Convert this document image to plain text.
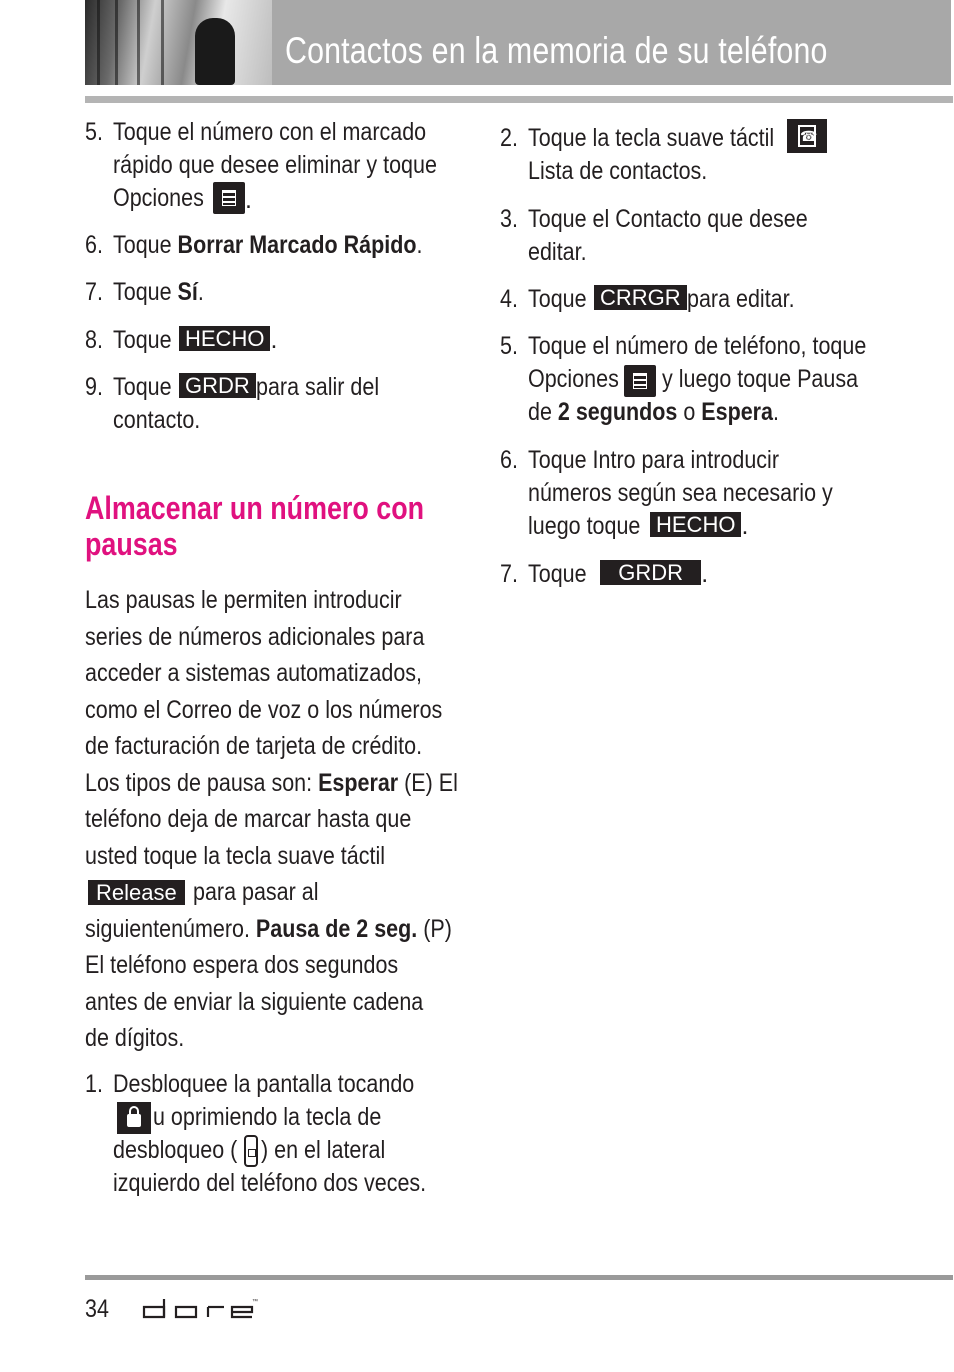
Contactos en la memoria de su teléfono
5. Toque el número con el marcado
rápido que desee eliminar y toque
Opciones	.
6. Toque Borrar Marcado Rápido.
7. Toque Sí.
8. Toque HECHO .
9. Toque GRDRpara salir del
contacto.
Almacenar un número con
pausas
Las pausas le permiten introducir
series de números adicionales para
acceder a sistemas automatizados,
como el Correo de voz o los números
de facturación de tarjeta de crédito.
Los tipos de pausa son: Esperar (E) El
teléfono deja de marcar hasta que
usted toque la tecla suave táctil
Release para pasar al
siguientenúmero. Pausa de 2 seg. (P)
El teléfono espera dos segundos
antes de enviar la siguiente cadena
de dígitos.
1. Desbloquee la pantalla tocando
u oprimiendo la tecla de
desbloqueo ( ) en el lateral
izquierdo del teléfono dos veces.
2. Toque la tecla suave táctil ☎
Lista de contactos.
3. Toque el Contacto que desee
editar.
4. Toque CRRGRpara editar.
5. Toque el número de teléfono, toque
Opciones y luego toque Pausa
de 2 segundos o Espera.
6. Toque Intro para introducir
números según sea necesario y
luego toque HECHO .
7. Toque GRDR  .
34	™
